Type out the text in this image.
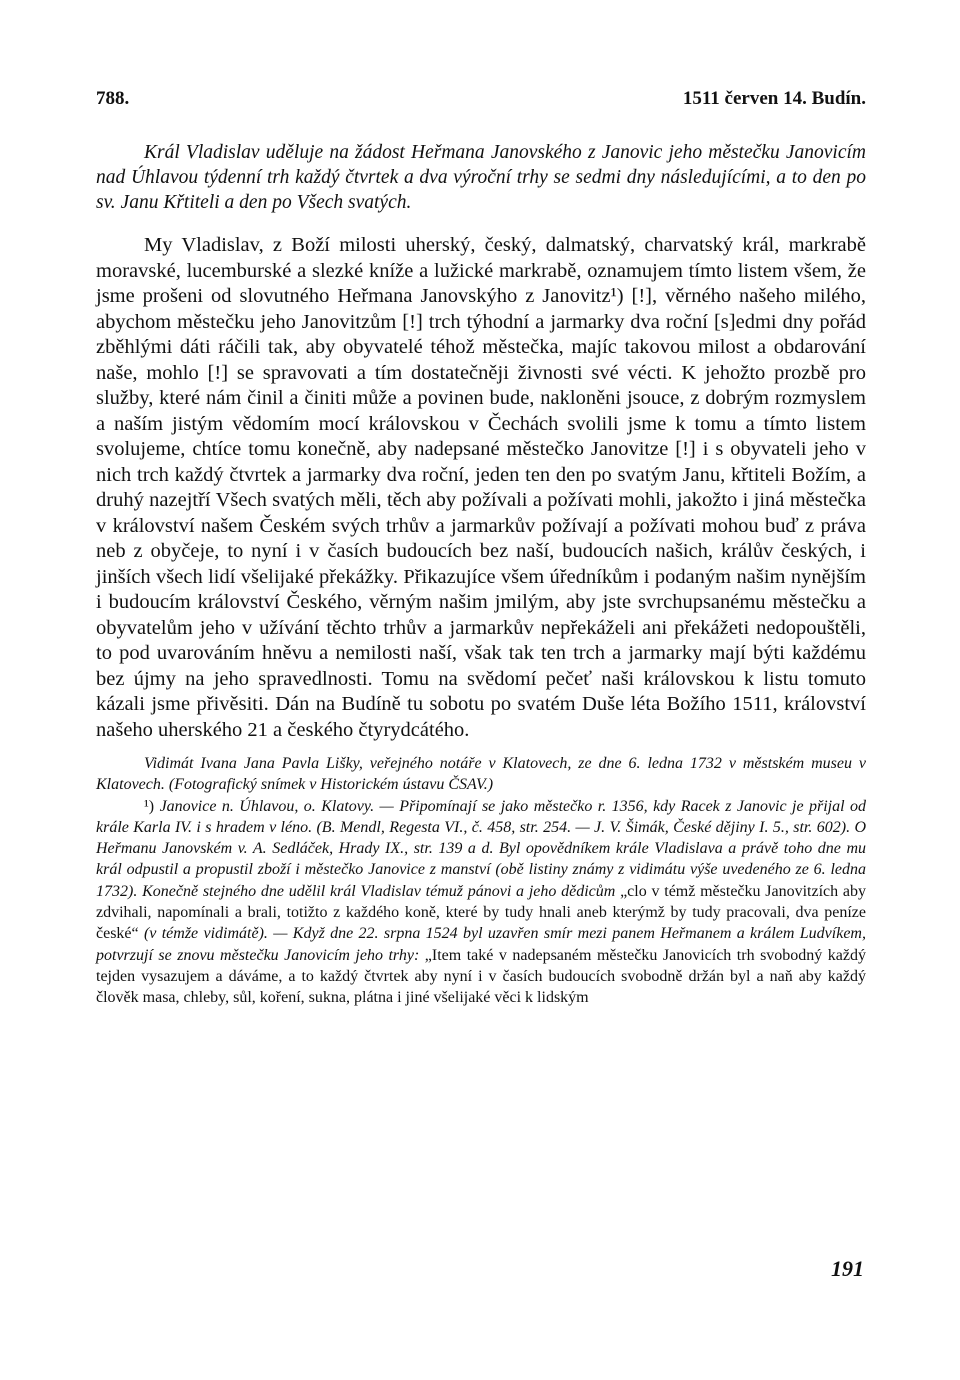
788.	1511 červen 14. Budín.
Král Vladislav uděluje na žádost Heřmana Janovského z Janovic jeho městečku Janovicím nad Úhlavou týdenní trh každý čtvrtek a dva výroční trhy se sedmi dny následujícími, a to den po sv. Janu Křtiteli a den po Všech svatých.
My Vladislav, z Boží milosti uherský, český, dalmatský, charvatský král, markrabě moravské, lucemburské a slezké kníže a lužické markrabě, oznamujem tímto listem všem, že jsme prošeni od slovutného Heřmana Janovskýho z Janovitz¹) [!], věrného našeho milého, abychom městečku jeho Janovitzům [!] trch týhodní a jarmarky dva roční [s]edmi dny pořád zběhlými dáti ráčili tak, aby obyvatelé téhož městečka, majíc takovou milost a obdarování naše, mohlo [!] se spravovati a tím dostatečněji živnosti své vécti. K jehožto prozbě pro služby, které nám činil a činiti může a povinen bude, nakloněni jsouce, z dobrým rozmyslem a naším jistým vědomím mocí královskou v Čechách svolili jsme k tomu a tímto listem svolujeme, chtíce tomu konečně, aby nadepsané městečko Janovitze [!] i s obyvateli jeho v nich trch každý čtvrtek a jarmarky dva roční, jeden ten den po svatým Janu, křtiteli Božím, a druhý nazejtří Všech svatých měli, těch aby požívali a požívati mohli, jakožto i jiná městečka v království našem Českém svých trhův a jarmarkův požívají a požívati mohou buď z práva neb z obyčeje, to nyní i v časích budoucích bez naší, budoucích našich, králův českých, i jinších všech lidí všelijaké překážky. Přikazujíce všem úředníkům i podaným našim nynějším i budoucím království Českého, věrným našim jmilým, aby jste svrchupsanému městečku a obyvatelům jeho v užívání těchto trhův a jarmarkův nepřekáželi ani překážeti nedopouštěli, to pod uvarováním hněvu a nemilosti naší, však tak ten trch a jarmarky mají býti každému bez újmy na jeho spravedlnosti. Tomu na svědomí pečeť naši královskou k listu tomuto kázali jsme přivěsiti. Dán na Budíně tu sobotu po svatém Duše léta Božího 1511, království našeho uherského 21 a českého čtyrydcátého.

Vidimát Ivana Jana Pavla Lišky, veřejného notáře v Klatovech, ze dne 6. ledna 1732 v městském museu v Klatovech. (Fotografický snímek v Historickém ústavu ČSAV.)

¹) Janovice n. Úhlavou, o. Klatovy. — Připomínají se jako městečko r. 1356, kdy Racek z Janovic je přijal od krále Karla IV. i s hradem v léno. (B. Mendl, Regesta VI., č. 458, str. 254. — J. V. Šimák, České dějiny I. 5., str. 602). O Heřmanu Janovském v. A. Sedláček, Hrady IX., str. 139 a d. Byl opovědníkem krále Vladislava a právě toho dne mu král odpustil a propustil zboží i městečko Janovice z manství (obě listiny známy z vidimátu výše uvedeného ze 6. ledna 1732). Konečně stejného dne udělil král Vladislav témuž pánovi a jeho dědicům „clo v témž městečku Janovitzích aby zdvihali, napomínali a brali, totižto z každého koně, které by tudy hnali aneb kterýmž by tudy pracovali, dva peníze české“ (v témže vidimátě). — Když dne 22. srpna 1524 byl uzavřen smír mezi panem Heřmanem a králem Ludvíkem, potvrzují se znovu městečku Janovicím jeho trhy: „Item také v nadepsaném městečku Janovicích trh svobodný každý tejden vysazujem a dáváme, a to každý čtvrtek aby nyní i v časích budoucích svobodně držán byl a naň aby každý člověk masa, chleby, sůl, koření, sukna, plátna i jiné všelijaké věci k lidským

191
